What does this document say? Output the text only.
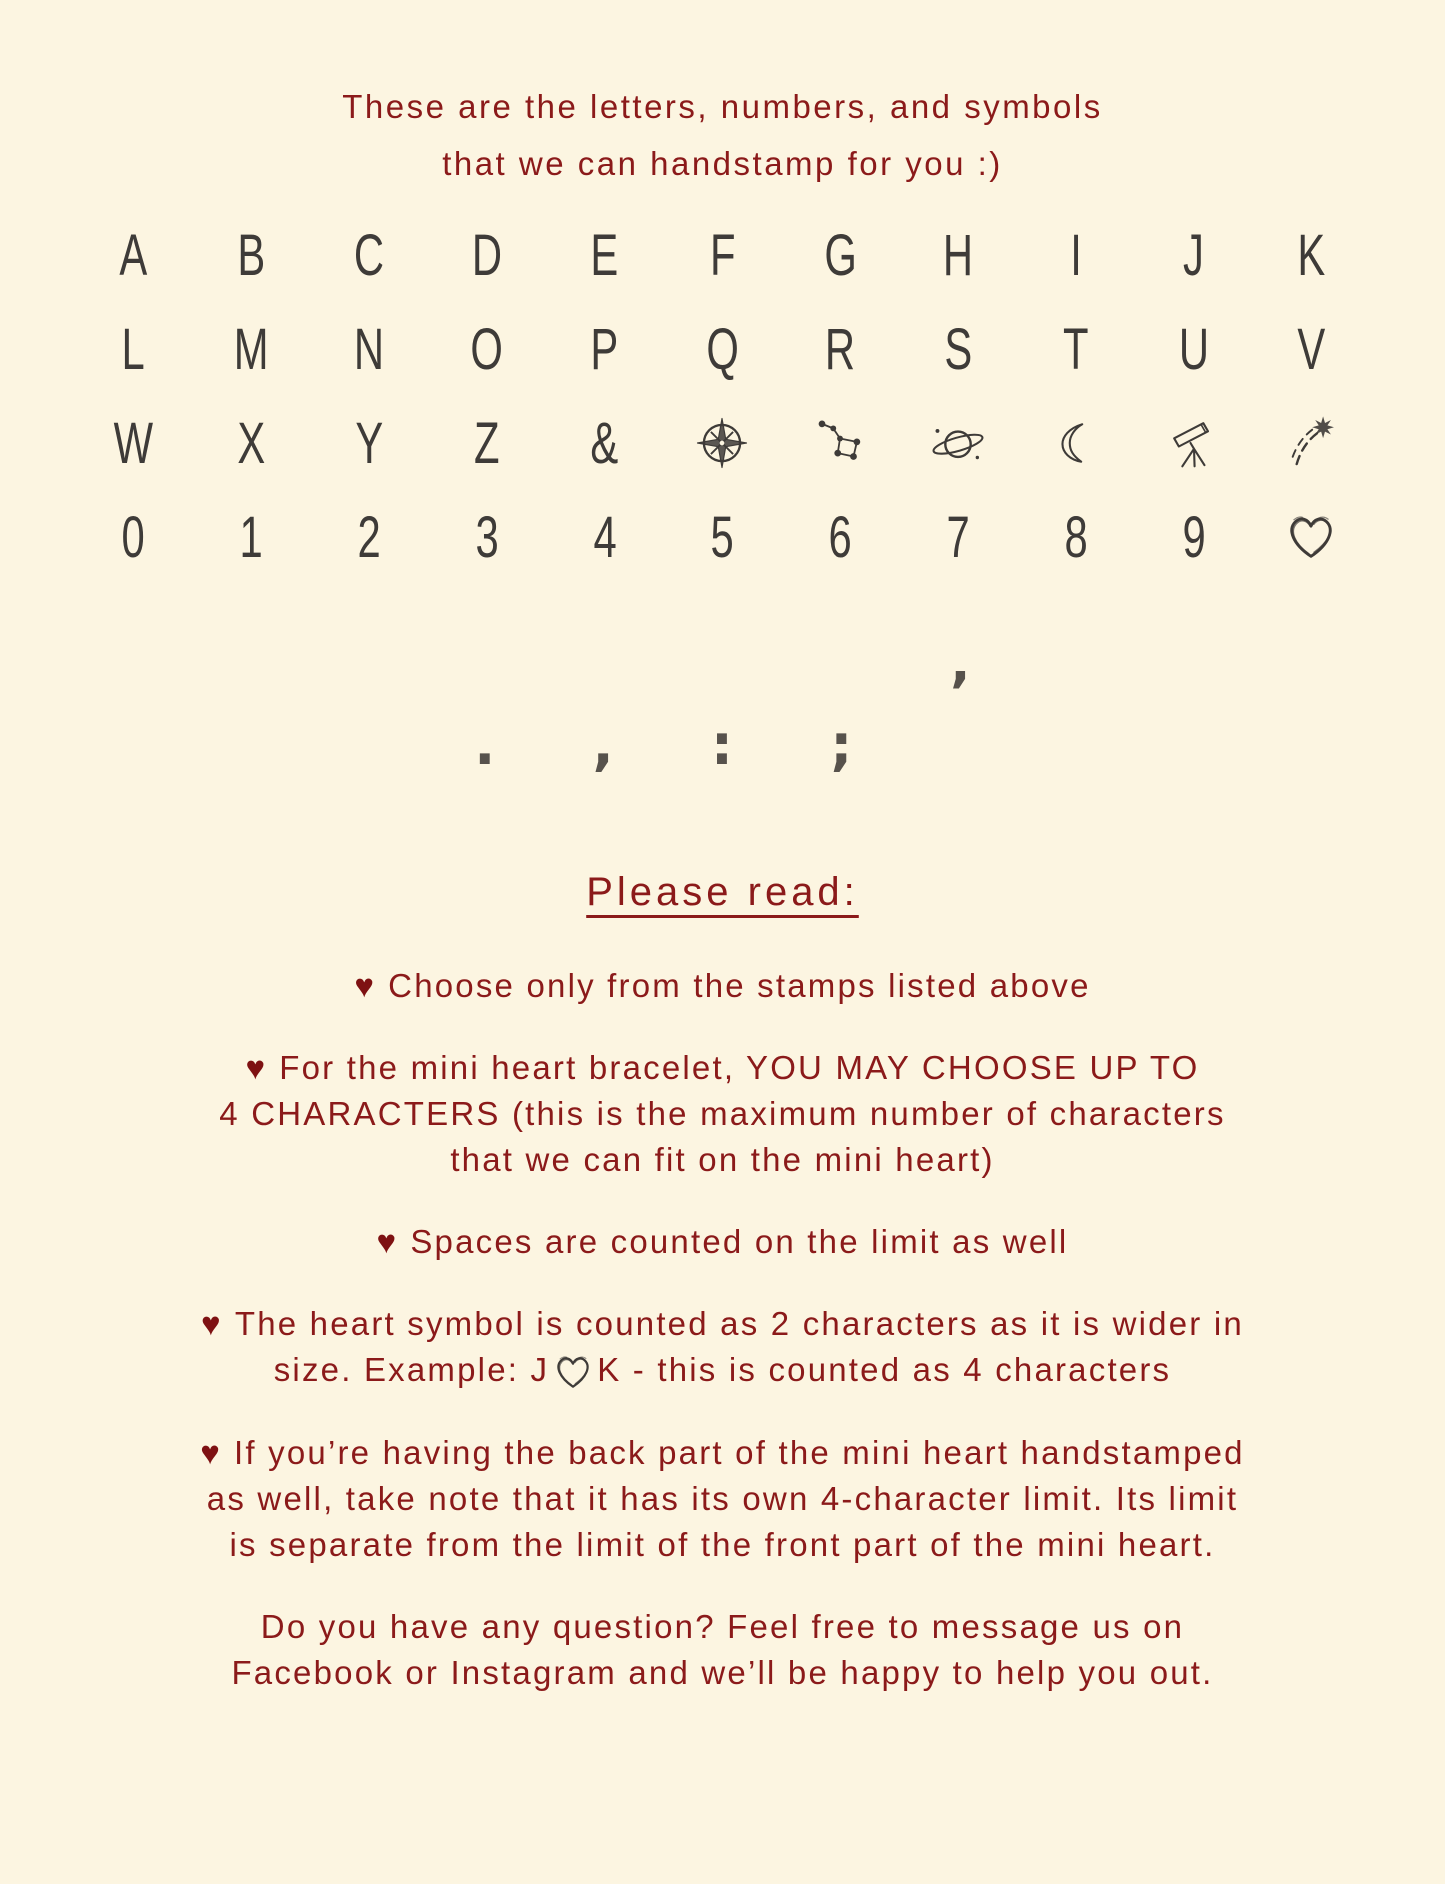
These are the letters, numbers, and symbols
that we can handstamp for you :)
A B C D E F G H I J K
L M N O P Q R S T U V
W X Y Z &
0 1 2 3 4 5 6 7 8 9
. , : ;
’
Please read:
♥ Choose only from the stamps listed above
♥ For the mini heart bracelet, YOU MAY CHOOSE UP TO
4 CHARACTERS (this is the maximum number of characters
that we can fit on the mini heart)
♥ Spaces are counted on the limit as well
♥ The heart symbol is counted as 2 characters as it is wider in
size. Example: J K - this is counted as 4 characters
♥ If you’re having the back part of the mini heart handstamped
as well, take note that it has its own 4-character limit. Its limit
is separate from the limit of the front part of the mini heart.
Do you have any question? Feel free to message us on
Facebook or Instagram and we’ll be happy to help you out.
